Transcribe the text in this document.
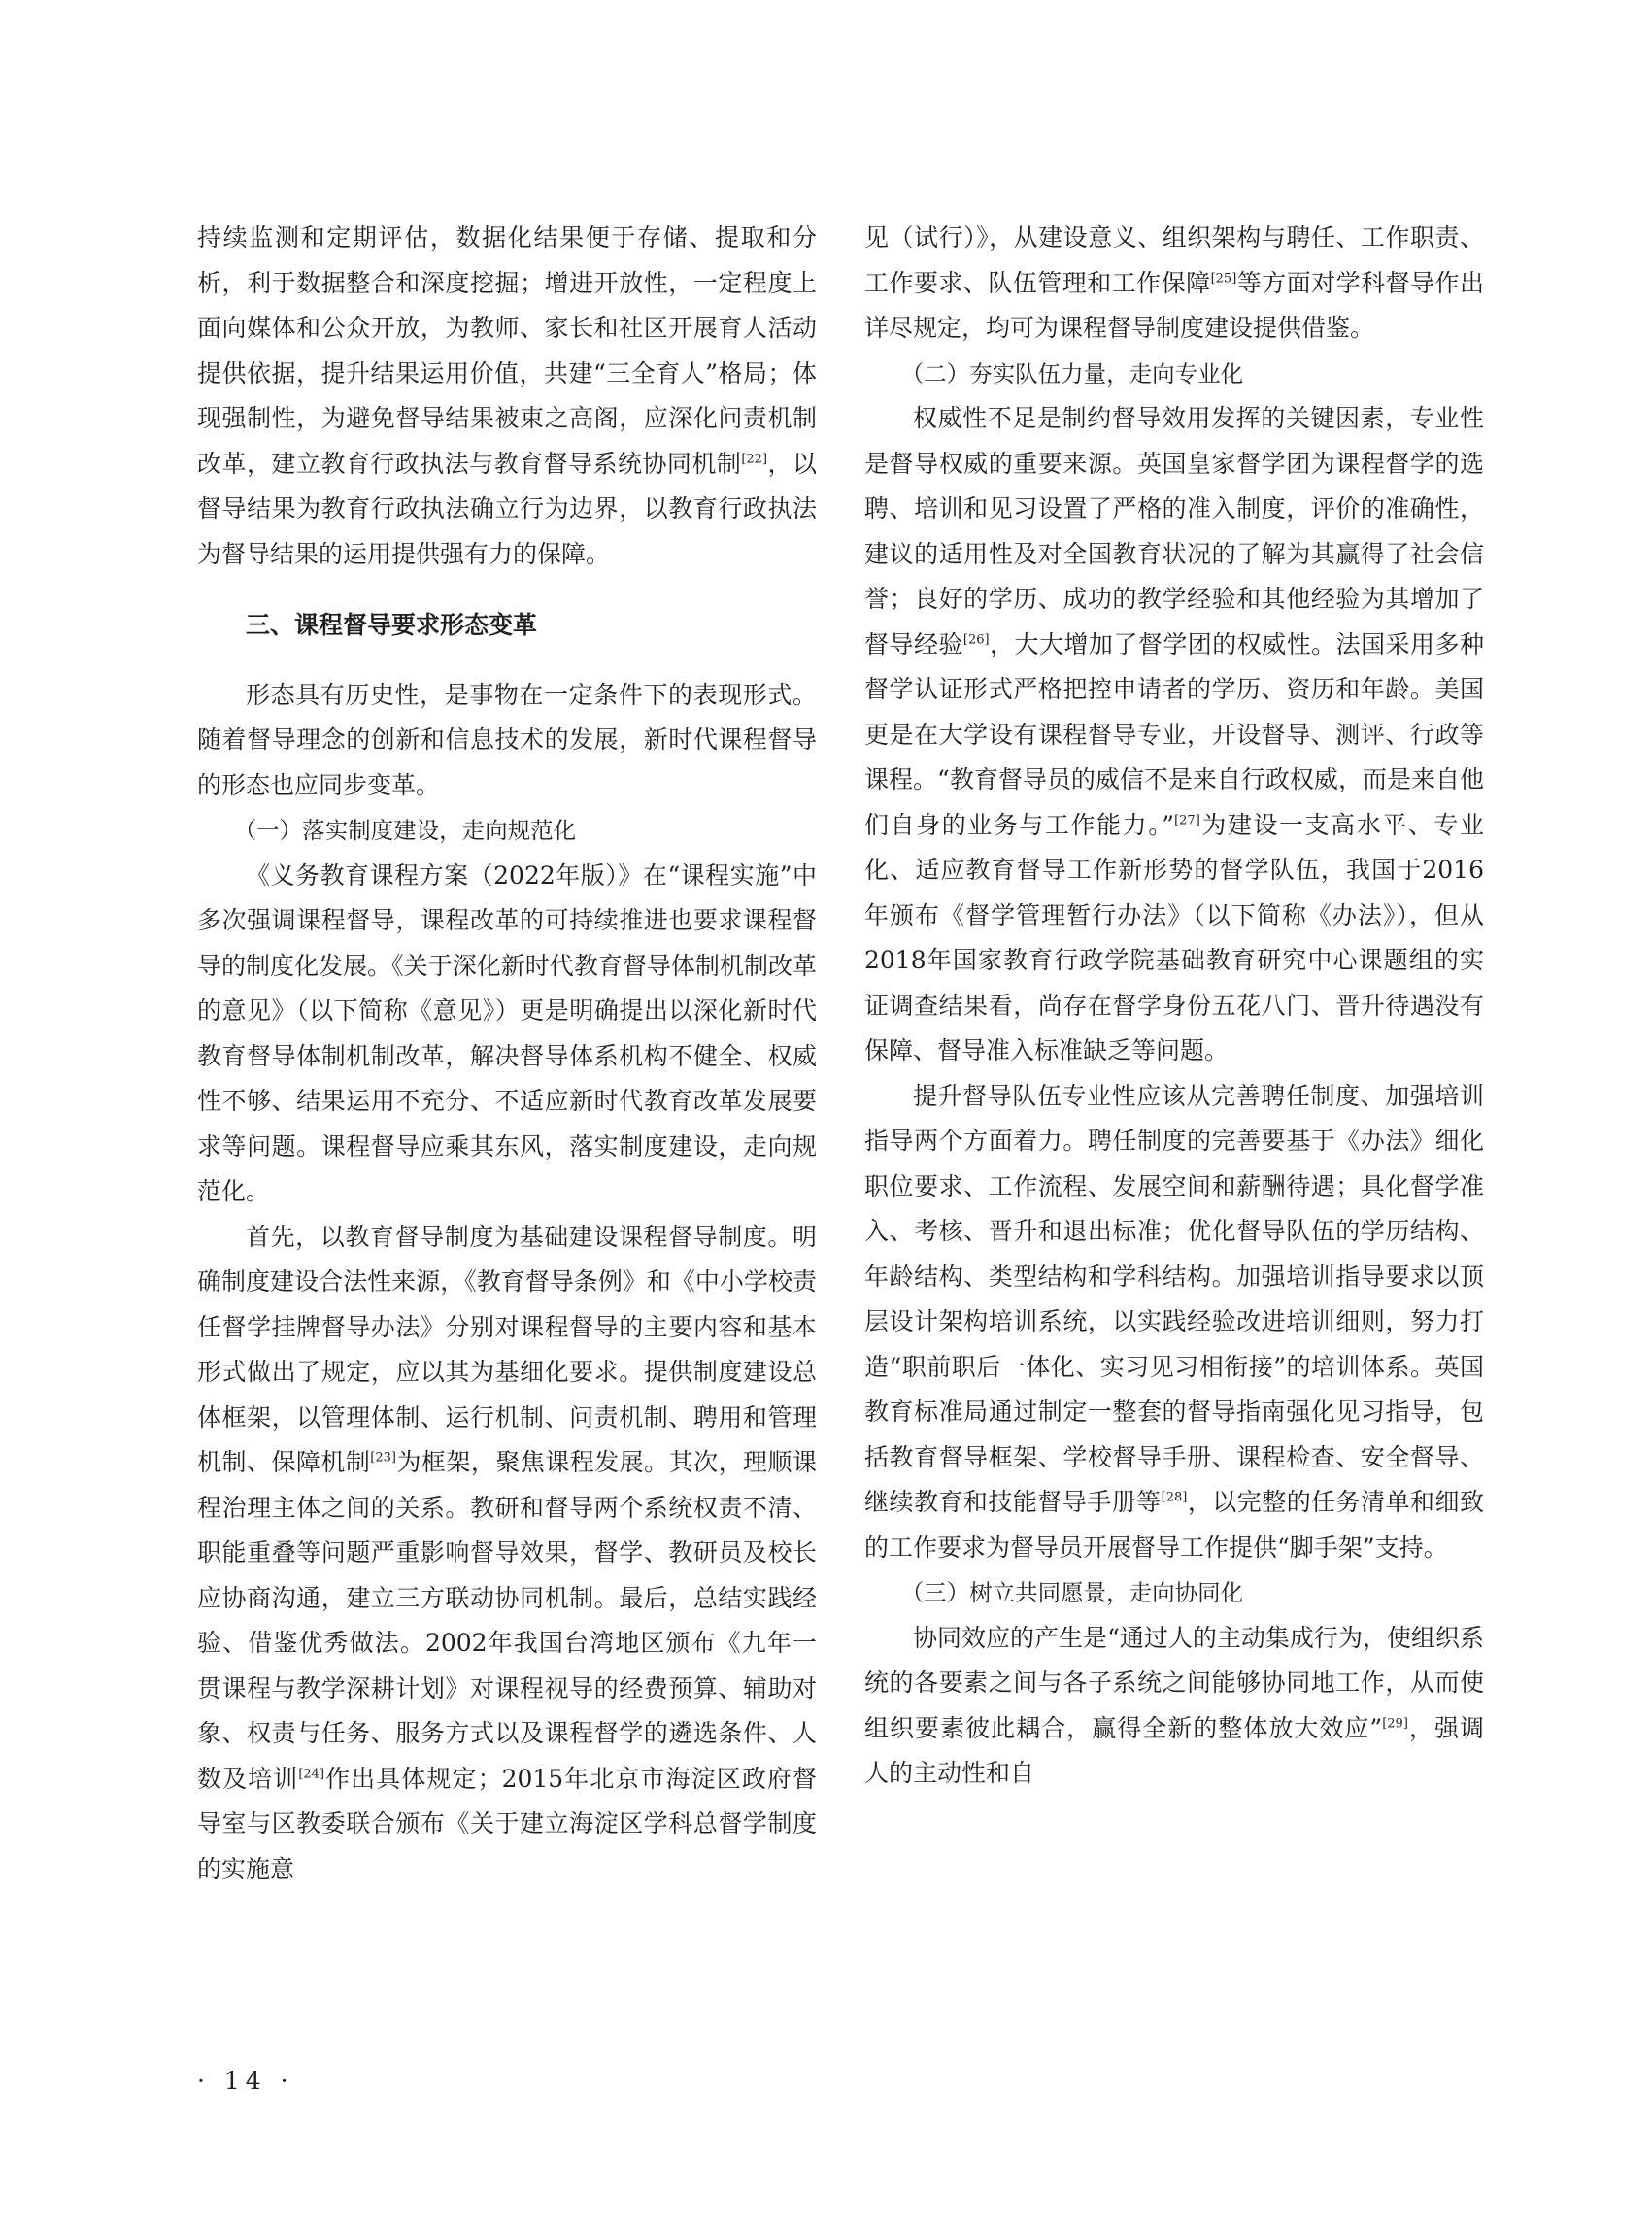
持续监测和定期评估，数据化结果便于存储、提取和分析，利于数据整合和深度挖掘；增进开放性，一定程度上面向媒体和公众开放，为教师、家长和社区开展育人活动提供依据，提升结果运用价值，共建“三全育人”格局；体现强制性，为避免督导结果被束之高阁，应深化问责机制改革，建立教育行政执法与教育督导系统协同机制[22]，以督导结果为教育行政执法确立行为边界，以教育行政执法为督导结果的运用提供强有力的保障。

三、课程督导要求形态变革

形态具有历史性，是事物在一定条件下的表现形式。随着督导理念的创新和信息技术的发展，新时代课程督导的形态也应同步变革。

（一）落实制度建设，走向规范化

《义务教育课程方案（2022年版）》在“课程实施”中多次强调课程督导，课程改革的可持续推进也要求课程督导的制度化发展。《关于深化新时代教育督导体制机制改革的意见》（以下简称《意见》）更是明确提出以深化新时代教育督导体制机制改革，解决督导体系机构不健全、权威性不够、结果运用不充分、不适应新时代教育改革发展要求等问题。课程督导应乘其东风，落实制度建设，走向规范化。

首先，以教育督导制度为基础建设课程督导制度。明确制度建设合法性来源，《教育督导条例》和《中小学校责任督学挂牌督导办法》分别对课程督导的主要内容和基本形式做出了规定，应以其为基细化要求。提供制度建设总体框架，以管理体制、运行机制、问责机制、聘用和管理机制、保障机制[23]为框架，聚焦课程发展。其次，理顺课程治理主体之间的关系。教研和督导两个系统权责不清、职能重叠等问题严重影响督导效果，督学、教研员及校长应协商沟通，建立三方联动协同机制。最后，总结实践经验、借鉴优秀做法。2002年我国台湾地区颁布《九年一贯课程与教学深耕计划》对课程视导的经费预算、辅助对象、权责与任务、服务方式以及课程督学的遴选条件、人数及培训[24]作出具体规定；2015年北京市海淀区政府督导室与区教委联合颁布《关于建立海淀区学科总督学制度的实施意

见（试行）》，从建设意义、组织架构与聘任、工作职责、工作要求、队伍管理和工作保障[25]等方面对学科督导作出详尽规定，均可为课程督导制度建设提供借鉴。

（二）夯实队伍力量，走向专业化

权威性不足是制约督导效用发挥的关键因素，专业性是督导权威的重要来源。英国皇家督学团为课程督学的选聘、培训和见习设置了严格的准入制度，评价的准确性，建议的适用性及对全国教育状况的了解为其赢得了社会信誉；良好的学历、成功的教学经验和其他经验为其增加了督导经验[26]，大大增加了督学团的权威性。法国采用多种督学认证形式严格把控申请者的学历、资历和年龄。美国更是在大学设有课程督导专业，开设督导、测评、行政等课程。“教育督导员的威信不是来自行政权威，而是来自他们自身的业务与工作能力。”[27]为建设一支高水平、专业化、适应教育督导工作新形势的督学队伍，我国于2016年颁布《督学管理暂行办法》（以下简称《办法》），但从2018年国家教育行政学院基础教育研究中心课题组的实证调查结果看，尚存在督学身份五花八门、晋升待遇没有保障、督导准入标准缺乏等问题。

提升督导队伍专业性应该从完善聘任制度、加强培训指导两个方面着力。聘任制度的完善要基于《办法》细化职位要求、工作流程、发展空间和薪酬待遇；具化督学准入、考核、晋升和退出标准；优化督导队伍的学历结构、年龄结构、类型结构和学科结构。加强培训指导要求以顶层设计架构培训系统，以实践经验改进培训细则，努力打造“职前职后一体化、实习见习相衔接”的培训体系。英国教育标准局通过制定一整套的督导指南强化见习指导，包括教育督导框架、学校督导手册、课程检查、安全督导、继续教育和技能督导手册等[28]，以完整的任务清单和细致的工作要求为督导员开展督导工作提供“脚手架”支持。

（三）树立共同愿景，走向协同化

协同效应的产生是“通过人的主动集成行为，使组织系统的各要素之间与各子系统之间能够协同地工作，从而使组织要素彼此耦合，赢得全新的整体放大效应”[29]，强调人的主动性和自

· 14 ·
